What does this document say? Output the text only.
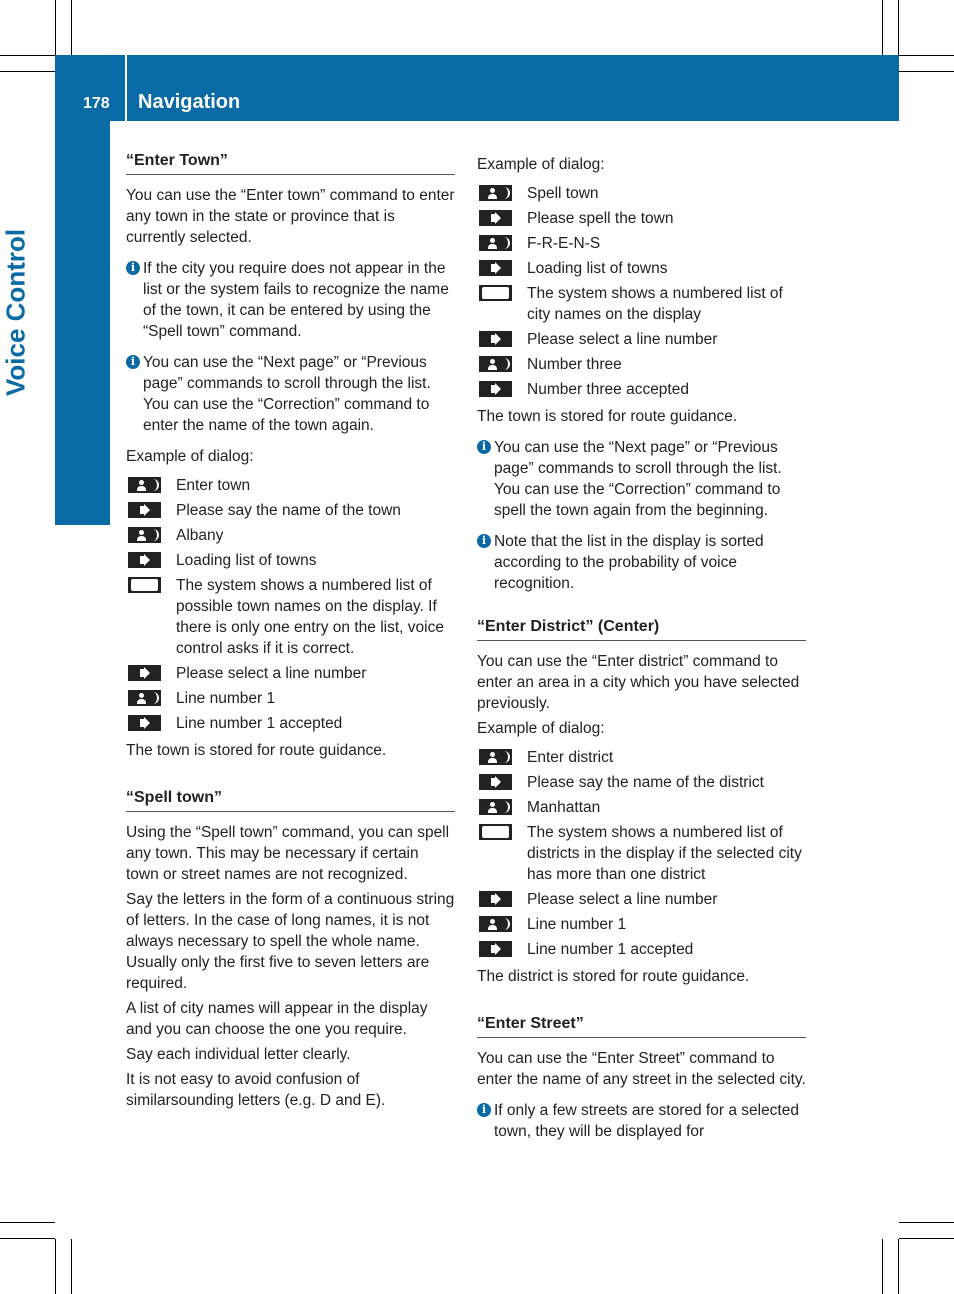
178 Navigation
Voice Control
“Enter Town”

You can use the “Enter town” command to enter any town in the state or province that is currently selected.

i If the city you require does not appear in the list or the system fails to recognize the name of the town, it can be entered by using the “Spell town” command.
i You can use the “Next page” or “Previous page” commands to scroll through the list. You can use the “Correction” command to enter the name of the town again.

Example of dialog:

Enter town
Please say the name of the town
Albany
Loading list of towns
The system shows a numbered list of possible town names on the display. If there is only one entry on the list, voice control asks if it is correct.
Please select a line number
Line number 1
Line number 1 accepted

The town is stored for route guidance.

“Spell town”

Using the “Spell town” command, you can spell any town. This may be necessary if certain town or street names are not recognized.

Say the letters in the form of a continuous string of letters. In the case of long names, it is not always necessary to spell the whole name. Usually only the first five to seven letters are required.

A list of city names will appear in the display and you can choose the one you require.

Say each individual letter clearly.

It is not easy to avoid confusion of similarsounding letters (e.g. D and E).

Example of dialog:

Spell town
Please spell the town
F-R-E-N-S
Loading list of towns
The system shows a numbered list of city names on the display
Please select a line number
Number three
Number three accepted

The town is stored for route guidance.

i You can use the “Next page” or “Previous page” commands to scroll through the list. You can use the “Correction” command to spell the town again from the beginning.
i Note that the list in the display is sorted according to the probability of voice recognition.
“Enter District” (Center)

You can use the “Enter district” command to enter an area in a city which you have selected previously.

Example of dialog:

Enter district
Please say the name of the district
Manhattan
The system shows a numbered list of districts in the display if the selected city has more than one district
Please select a line number
Line number 1
Line number 1 accepted

The district is stored for route guidance.

“Enter Street”

You can use the “Enter Street” command to enter the name of any street in the selected city.

i If only a few streets are stored for a selected town, they will be displayed for
